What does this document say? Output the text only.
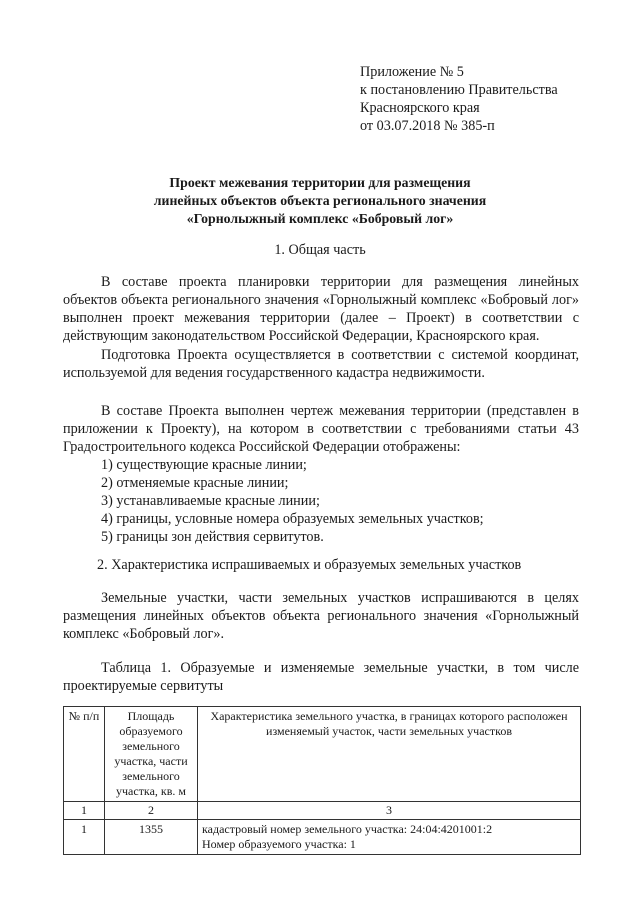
Приложение № 5
к постановлению Правительства
Красноярского края
от 03.07.2018 № 385-п
Проект межевания территории для размещения
линейных объектов объекта регионального значения
«Горнолыжный комплекс «Бобровый лог»
1. Общая часть
В составе проекта планировки территории для размещения линейных объектов объекта регионального значения «Горнолыжный комплекс «Бобровый лог» выполнен проект межевания территории (далее – Проект) в соответствии с действующим законодательством Российской Федерации, Красноярского края.
Подготовка Проекта осуществляется в соответствии с системой координат, используемой для ведения государственного кадастра недвижимости.
В составе Проекта выполнен чертеж межевания территории (представлен в приложении к Проекту), на котором в соответствии с требованиями статьи 43 Градостроительного кодекса Российской Федерации отображены:
1) существующие красные линии;
2) отменяемые красные линии;
3) устанавливаемые красные линии;
4) границы, условные номера образуемых земельных участков;
5) границы зон действия сервитутов.
2. Характеристика испрашиваемых и образуемых земельных участков
Земельные участки, части земельных участков испрашиваются в целях размещения линейных объектов объекта регионального значения «Горнолыжный комплекс «Бобровый лог».
Таблица 1. Образуемые и изменяемые земельные участки, в том числе проектируемые сервитуты
№ п/п	Площадь образуемого земельного участка, части земельного участка, кв. м	Характеристика земельного участка, в границах которого расположен изменяемый участок, части земельных участков
1	2	3
1	1355	кадастровый номер земельного участка: 24:04:4201001:2
Номер образуемого участка: 1
